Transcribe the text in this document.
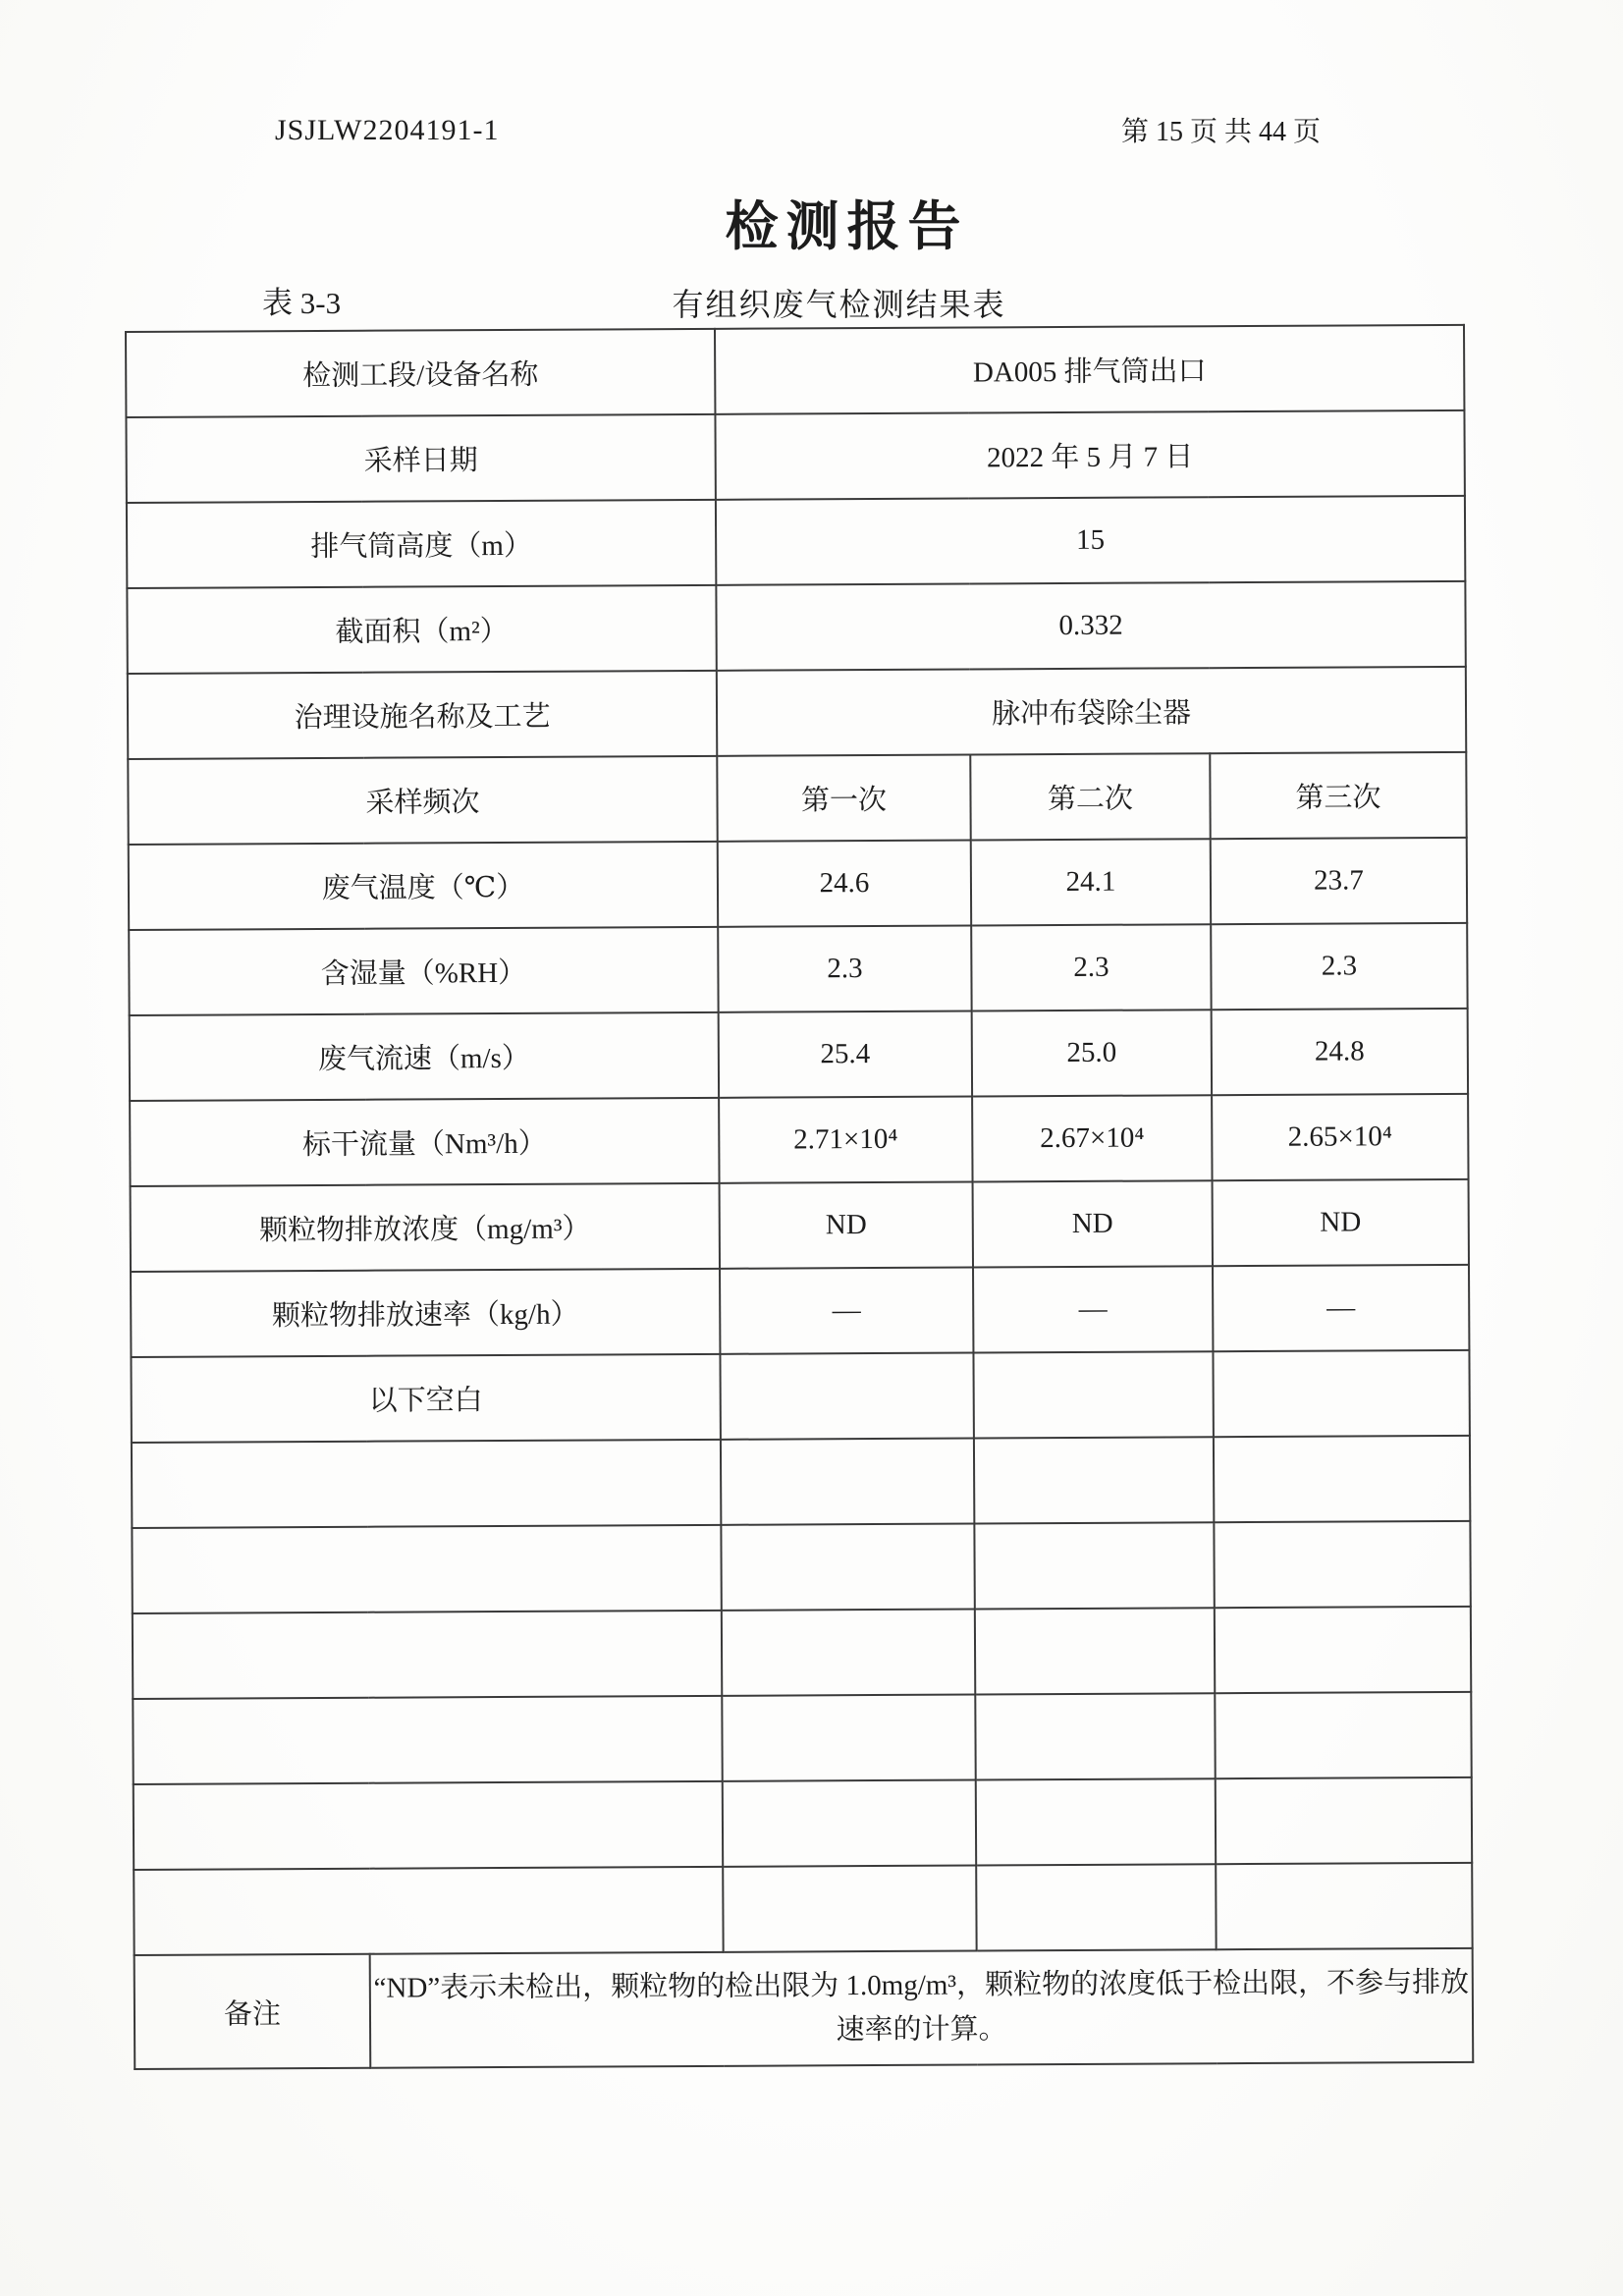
JSJLW2204191-1	第 15 页 共 44 页
检测报告
表 3-3	有组织废气检测结果表
检测工段/设备名称		DA005 排气筒出口		
采样日期		2022 年 5 月 7 日		
排气筒高度（m）		15		
截面积（m²）		0.332		
治理设施名称及工艺		脉冲布袋除尘器		
采样频次		第一次	第二次	第三次
废气温度（℃）		24.6	24.1	23.7
含湿量（%RH）		2.3	2.3	2.3
废气流速（m/s）		25.4	25.0	24.8
标干流量（Nm³/h）		2.71×10⁴	2.67×10⁴	2.65×10⁴
颗粒物排放浓度（mg/m³）		ND	ND	ND
颗粒物排放速率（kg/h）		—	—	—
以下空白				

备注	“ND”表示未检出，颗粒物的检出限为 1.0mg/m³，颗粒物的浓度低于检出限，不参与排放速率的计算。			
